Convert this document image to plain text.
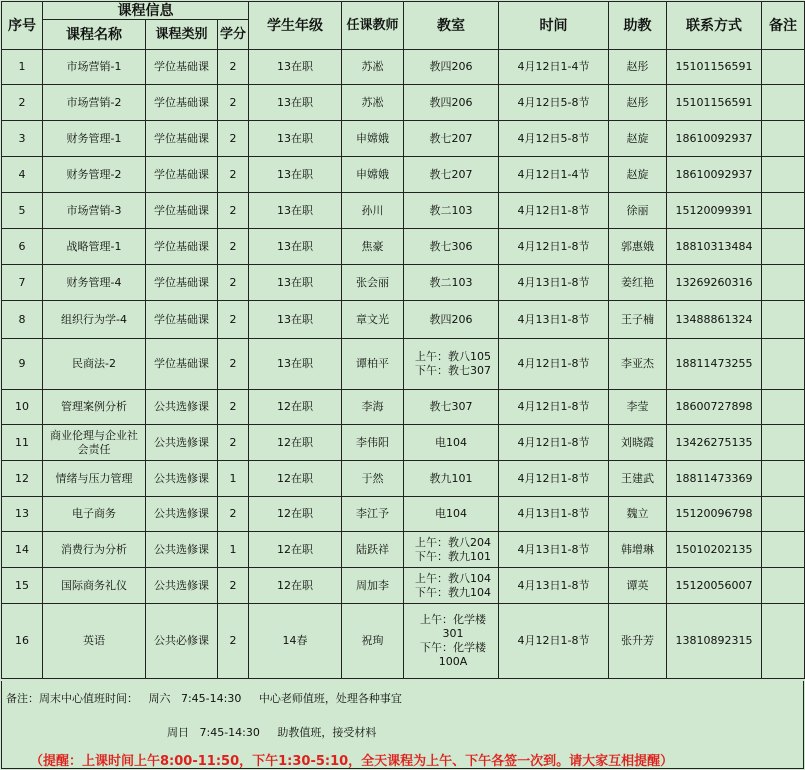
序号	课程信息			学生年级	任课教师	教室	时间	助教	联系方式	备注
	课程名称	课程类别	学分							
1	市场营销-1	学位基础课	2	13在职	苏凇	教四206	4月12日1-4节	赵彤	15101156591	
2	市场营销-2	学位基础课	2	13在职	苏凇	教四206	4月12日5-8节	赵彤	15101156591	
3	财务管理-1	学位基础课	2	13在职	申嫦娥	教七207	4月12日5-8节	赵旋	18610092937	
4	财务管理-2	学位基础课	2	13在职	申嫦娥	教七207	4月12日1-4节	赵旋	18610092937	
5	市场营销-3	学位基础课	2	13在职	孙川	教二103	4月12日1-8节	徐丽	15120099391	
6	战略管理-1	学位基础课	2	13在职	焦豪	教七306	4月12日1-8节	郭惠娥	18810313484	
7	财务管理-4	学位基础课	2	13在职	张会丽	教二103	4月13日1-8节	姜红艳	13269260316	
8	组织行为学-4	学位基础课	2	13在职	章文光	教四206	4月13日1-8节	王子楠	13488861324	
9	民商法-2	学位基础课	2	13在职	谭柏平	上午：教八105
下午：教七307	4月12日1-8节	李亚杰	18811473255	
10	管理案例分析	公共选修课	2	12在职	李海	教七307	4月12日1-8节	李莹	18600727898	
11	商业伦理与企业社会责任	公共选修课	2	12在职	李伟阳	电104	4月12日1-8节	刘晓霞	13426275135	
12	情绪与压力管理	公共选修课	1	12在职	于然	教九101	4月12日1-8节	王建武	18811473369	
13	电子商务	公共选修课	2	12在职	李江予	电104	4月13日1-8节	魏立	15120096798	
14	消费行为分析	公共选修课	1	12在职	陆跃祥	上午：教八204
下午：教九101	4月13日1-8节	韩增琳	15010202135	
15	国际商务礼仪	公共选修课	2	12在职	周加李	上午：教八104
下午：教九104	4月13日1-8节	谭英	15120056007	
16	英语	公共必修课	2	14春	祝珣	上午：化学楼
301
下午：化学楼
100A	4月12日1-8节	张升芳	13810892315	
备注：周末中心值班时间：   周六   7:45-14:30     中心老师值班，处理各种事宜
周日   7:45-14:30     助教值班，接受材料
（提醒：上课时间上午8:00-11:50，下午1:30-5:10，全天课程为上午、下午各签一次到。请大家互相提醒）
